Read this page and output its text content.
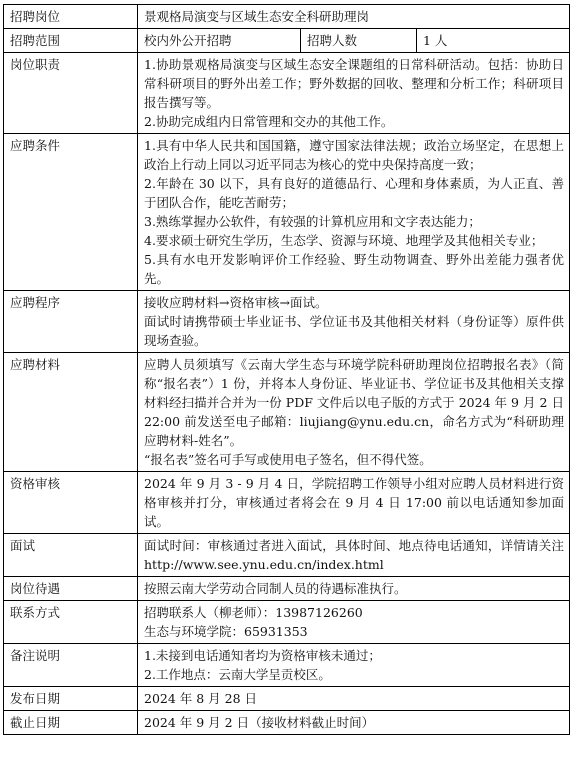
招聘岗位	景观格局演变与区域生态安全科研助理岗		
招聘范围	校内外公开招聘	招聘人数	1 人
岗位职责	1.协助景观格局演变与区域生态安全课题组的日常科研活动。包括：协助日常科研项目的野外出差工作；野外数据的回收、整理和分析工作；科研项目报告撰写等。

2.协助完成组内日常管理和交办的其他工作。		

应聘条件	1.具有中华人民共和国国籍，遵守国家法律法规；政治立场坚定，在思想上政治上行动上同以习近平同志为核心的党中央保持高度一致；

2.年龄在 30 以下，具有良好的道德品行、心理和身体素质，为人正直、善于团队合作，能吃苦耐劳；

3.熟练掌握办公软件，有较强的计算机应用和文字表达能力；

4.要求硕士研究生学历，生态学、资源与环境、地理学及其他相关专业；

5.具有水电开发影响评价工作经验、野生动物调查、野外出差能力强者优先。		

应聘程序	接收应聘材料→资格审核→面试。

面试时请携带硕士毕业证书、学位证书及其他相关材料（身份证等）原件供现场查验。		

应聘材料	应聘人员须填写《云南大学生态与环境学院科研助理岗位招聘报名表》（简称“报名表”）1 份，并将本人身份证、毕业证书、学位证书及其他相关支撑材料经扫描并合并为一份 PDF 文件后以电子版的方式于 2024 年 9 月 2 日 22:00 前发送至电子邮箱：liujiang@ynu.edu.cn，命名方式为“科研助理应聘材料-姓名”。

“报名表”签名可手写或使用电子签名，但不得代签。		

资格审核	2024 年 9 月 3 - 9 月 4 日，学院招聘工作领导小组对应聘人员材料进行资格审核并打分，审核通过者将会在 9 月 4 日 17:00 前以电话通知参加面试。		

面试	面试时间：审核通过者进入面试，具体时间、地点待电话通知，详情请关注 http://www.see.ynu.edu.cn/index.html		

岗位待遇	按照云南大学劳动合同制人员的待遇标准执行。		
联系方式	招聘联系人（柳老师）：13987126260

生态与环境学院：65931353		

备注说明	1.未接到电话通知者均为资格审核未通过；

2.工作地点：云南大学呈贡校区。		

发布日期	2024 年 8 月 28 日		
截止日期	2024 年 9 月 2 日（接收材料截止时间）		
